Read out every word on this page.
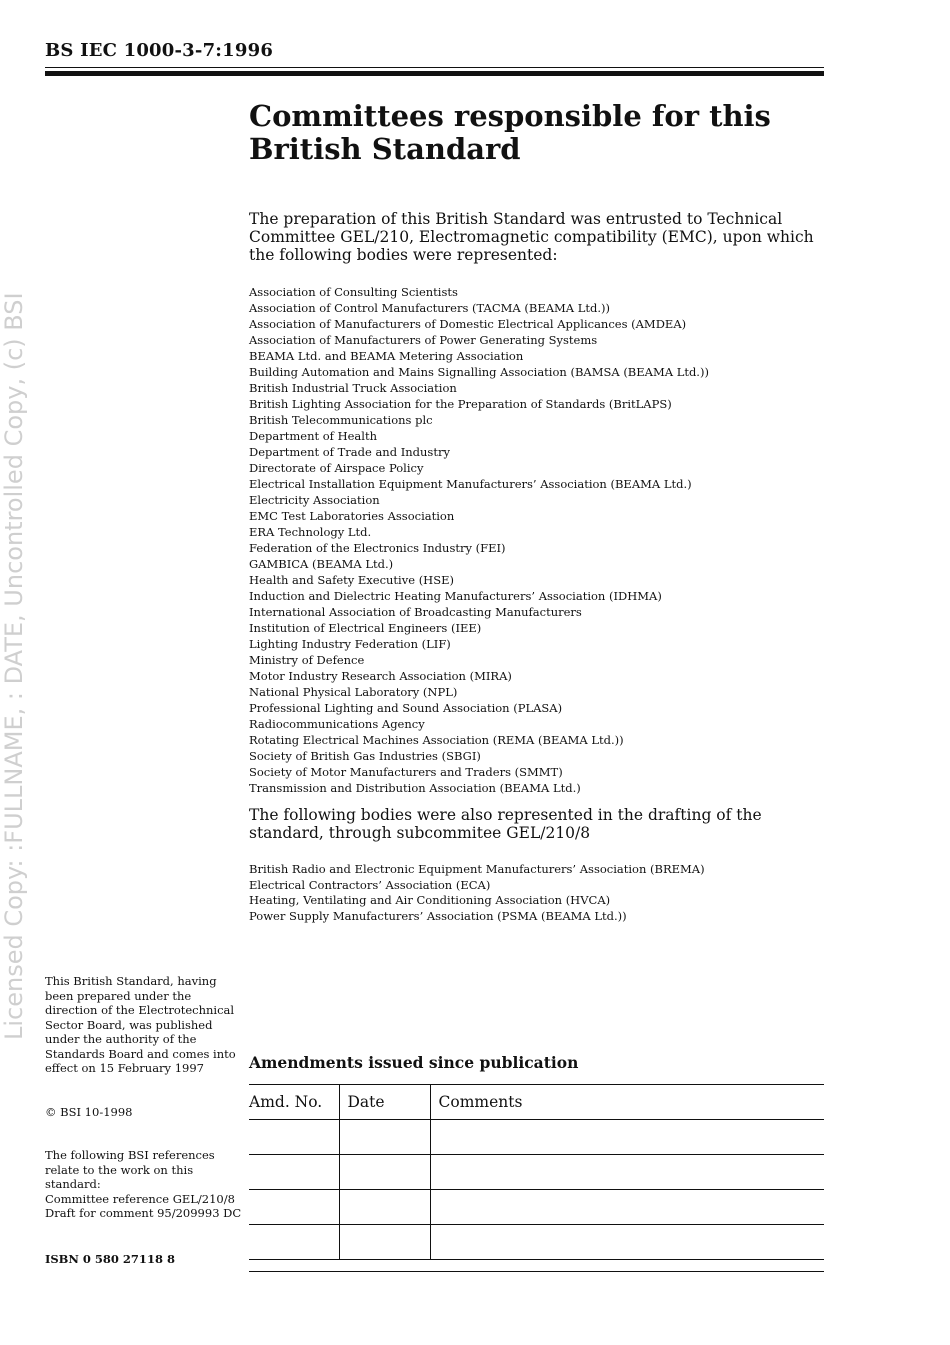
BS IEC 1000-3-7:1996
Licensed Copy: :FULLNAME, : DATE, Uncontrolled Copy, (c) BSI
Committees responsible for this
British Standard

The preparation of this British Standard was entrusted to Technical Committee GEL/210, Electromagnetic compatibility (EMC), upon which the following bodies were represented:

Association of Consulting Scientists
Association of Control Manufacturers (TACMA (BEAMA Ltd.))
Association of Manufacturers of Domestic Electrical Applicances (AMDEA)
Association of Manufacturers of Power Generating Systems
BEAMA Ltd. and BEAMA Metering Association
Building Automation and Mains Signalling Association (BAMSA (BEAMA Ltd.))
British Industrial Truck Association
British Lighting Association for the Preparation of Standards (BritLAPS)
British Telecommunications plc
Department of Health
Department of Trade and Industry
Directorate of Airspace Policy
Electrical Installation Equipment Manufacturers’ Association (BEAMA Ltd.)
Electricity Association
EMC Test Laboratories Association
ERA Technology Ltd.
Federation of the Electronics Industry (FEI)
GAMBICA (BEAMA Ltd.)
Health and Safety Executive (HSE)
Induction and Dielectric Heating Manufacturers’ Association (IDHMA)
International Association of Broadcasting Manufacturers
Institution of Electrical Engineers (IEE)
Lighting Industry Federation (LIF)
Ministry of Defence
Motor Industry Research Association (MIRA)
National Physical Laboratory (NPL)
Professional Lighting and Sound Association (PLASA)
Radiocommunications Agency
Rotating Electrical Machines Association (REMA (BEAMA Ltd.))
Society of British Gas Industries (SBGI)
Society of Motor Manufacturers and Traders (SMMT)
Transmission and Distribution Association (BEAMA Ltd.)

The following bodies were also represented in the drafting of the standard, through subcommitee GEL/210/8

British Radio and Electronic Equipment Manufacturers’ Association (BREMA)
Electrical Contractors’ Association (ECA)
Heating, Ventilating and Air Conditioning Association (HVCA)
Power Supply Manufacturers’ Association (PSMA (BEAMA Ltd.))

This British Standard, having been prepared under the direction of the Electrotechnical Sector Board, was published under the authority of the Standards Board and comes into effect on 15 February 1997

© BSI 10-1998

The following BSI references relate to the work on this standard:
Committee reference GEL/210/8
Draft for comment 95/209993 DC

ISBN 0 580 27118 8

Amendments issued since publication
Amd. No.	Date	Comments
